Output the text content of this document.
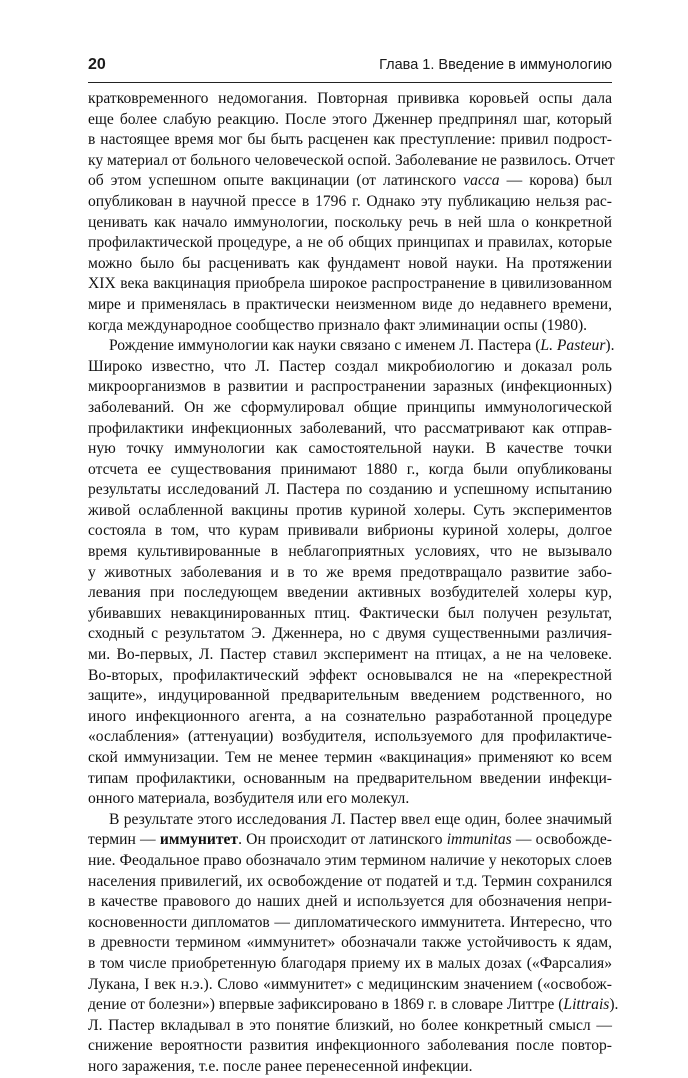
20	Глава 1. Введение в иммунологию
кратковременного недомогания. Повторная прививка коровьей оспы дала
еще более слабую реакцию. После этого Дженнер предпринял шаг, который
в настоящее время мог бы быть расценен как преступление: привил подрост-
ку материал от больного человеческой оспой. Заболевание не развилось. Отчет
об этом успешном опыте вакцинации (от латинского vacca — корова) был
опубликован в научной прессе в 1796 г. Однако эту публикацию нельзя рас-
ценивать как начало иммунологии, поскольку речь в ней шла о конкретной
профилактической процедуре, а не об общих принципах и правилах, которые
можно было бы расценивать как фундамент новой науки. На протяжении
XIX века вакцинация приобрела широкое распространение в цивилизованном
мире и применялась в практически неизменном виде до недавнего времени,
когда международное сообщество признало факт элиминации оспы (1980).
Рождение иммунологии как науки связано с именем Л. Пастера (L. Pasteur).
Широко известно, что Л. Пастер создал микробиологию и доказал роль
микроорганизмов в развитии и распространении заразных (инфекционных)
заболеваний. Он же сформулировал общие принципы иммунологической
профилактики инфекционных заболеваний, что рассматривают как отправ-
ную точку иммунологии как самостоятельной науки. В качестве точки
отсчета ее существования принимают 1880 г., когда были опубликованы
результаты исследований Л. Пастера по созданию и успешному испытанию
живой ослабленной вакцины против куриной холеры. Суть экспериментов
состояла в том, что курам прививали вибрионы куриной холеры, долгое
время культивированные в неблагоприятных условиях, что не вызывало
у животных заболевания и в то же время предотвращало развитие забо-
левания при последующем введении активных возбудителей холеры кур,
убивавших невакцинированных птиц. Фактически был получен результат,
сходный с результатом Э. Дженнера, но с двумя существенными различия-
ми. Во-первых, Л. Пастер ставил эксперимент на птицах, а не на человеке.
Во-вторых, профилактический эффект основывался не на «перекрестной
защите», индуцированной предварительным введением родственного, но
иного инфекционного агента, а на сознательно разработанной процедуре
«ослабления» (аттенуации) возбудителя, используемого для профилактиче-
ской иммунизации. Тем не менее термин «вакцинация» применяют ко всем
типам профилактики, основанным на предварительном введении инфекци-
онного материала, возбудителя или его молекул.
В результате этого исследования Л. Пастер ввел еще один, более значимый
термин — иммунитет. Он происходит от латинского immunitas — освобожде-
ние. Феодальное право обозначало этим термином наличие у некоторых слоев
населения привилегий, их освобождение от податей и т.д. Термин сохранился
в качестве правового до наших дней и используется для обозначения непри-
косновенности дипломатов — дипломатического иммунитета. Интересно, что
в древности термином «иммунитет» обозначали также устойчивость к ядам,
в том числе приобретенную благодаря приему их в малых дозах («Фарсалия»
Лукана, I век н.э.). Слово «иммунитет» с медицинским значением («освобож-
дение от болезни») впервые зафиксировано в 1869 г. в словаре Литтре (Littrais).
Л. Пастер вкладывал в это понятие близкий, но более конкретный смысл —
снижение вероятности развития инфекционного заболевания после повтор-
ного заражения, т.е. после ранее перенесенной инфекции.
